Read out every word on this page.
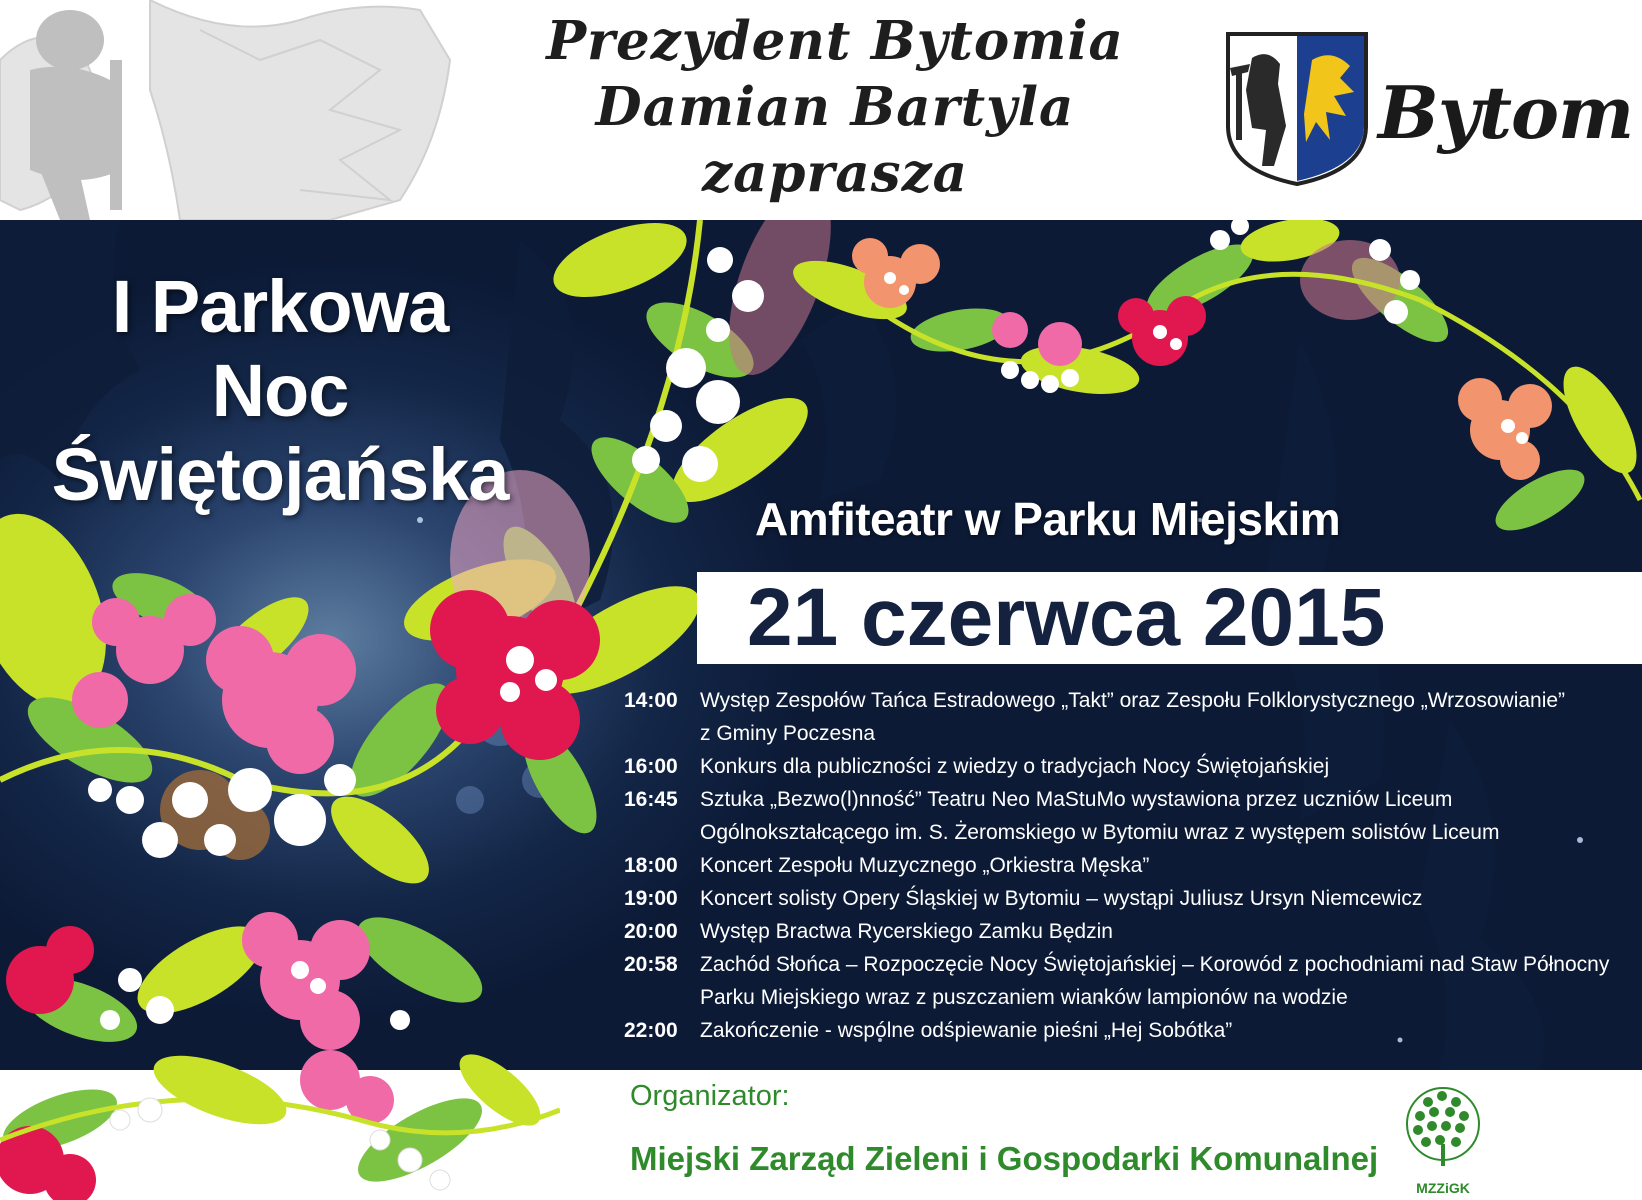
Prezydent Bytomia
Damian Bartyla
zaprasza
Bytom
I Parkowa
Noc
Świętojańska
Amfiteatr w Parku Miejskim
21 czerwca 2015
14:00	Występ Zespołów Tańca Estradowego „Takt” oraz Zespołu Folklorystycznego „Wrzosowianie”
z Gminy Poczesna
16:00	Konkurs dla publiczności z wiedzy o tradycjach Nocy Świętojańskiej
16:45	Sztuka „Bezwo(l)nność” Teatru Neo MaStuMo wystawiona przez uczniów Liceum
Ogólnokształcącego im. S. Żeromskiego w Bytomiu wraz z występem solistów Liceum
18:00	Koncert Zespołu Muzycznego „Orkiestra Męska”
19:00	Koncert solisty Opery Śląskiej w Bytomiu – wystąpi Juliusz Ursyn Niemcewicz
20:00	Występ Bractwa Rycerskiego Zamku Będzin
20:58	Zachód Słońca – Rozpoczęcie Nocy Świętojańskiej – Korowód z pochodniami nad Staw Północny
Parku Miejskiego wraz z puszczaniem wianków lampionów na wodzie
22:00	Zakończenie - wspólne odśpiewanie pieśni „Hej Sobótka”
Organizator:
Miejski Zarząd Zieleni i Gospodarki Komunalnej
MZZiGK
